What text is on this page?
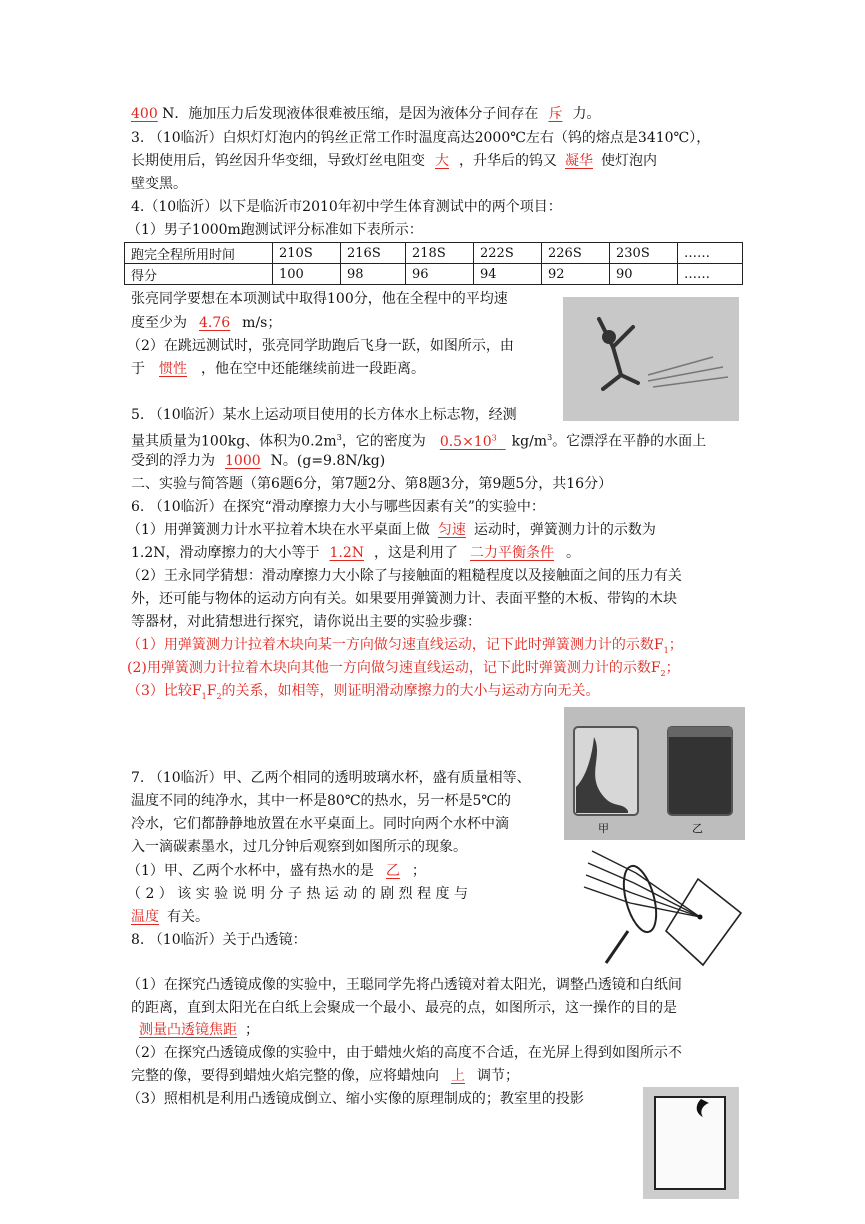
400 N．施加压力后发现液体很难被压缩，是因为液体分子间存在 斥 力。
3. （10临沂）白炽灯灯泡内的钨丝正常工作时温度高达2000℃左右（钨的熔点是3410℃），
长期使用后，钨丝因升华变细，导致灯丝电阻变 大 ，升华后的钨又 凝华 使灯泡内
壁变黑。
4.（10临沂）以下是临沂市2010年初中学生体育测试中的两个项目：
（1）男子1000m跑测试评分标准如下表所示：
跑完全程所用时间	210S	216S	218S	222S	226S	230S	……
得分	100	98	96	94	92	90	……
张亮同学要想在本项测试中取得100分，他在全程中的平均速
度至少为 4.76 m/s；
（2）在跳远测试时，张亮同学助跑后飞身一跃，如图所示，由
于 惯性 ，他在空中还能继续前进一段距离。
5. （10临沂）某水上运动项目使用的长方体水上标志物，经测
量其质量为100kg、体积为$0.2m^3$，它的密度为 $0.5\times 10^3$ $kg/m^3$。它漂浮在平静的水面上
受到的浮力为 1000 N。(g=9.8N/kg)
二、实验与简答题（第6题6分，第7题2分、第8题3分，第9题5分，共16分）
6. （10临沂）在探究“滑动摩擦力大小与哪些因素有关”的实验中：
（1）用弹簧测力计水平拉着木块在水平桌面上做 匀速 运动时，弹簧测力计的示数为
1.2N，滑动摩擦力的大小等于 1.2N ，这是利用了 二力平衡条件 。
（2）王永同学猜想：滑动摩擦力大小除了与接触面的粗糙程度以及接触面之间的压力有关
外，还可能与物体的运动方向有关。如果要用弹簧测力计、表面平整的木板、带钩的木块
等器材，对此猜想进行探究，请你说出主要的实验步骤：
（1）用弹簧测力计拉着木块向某一方向做匀速直线运动，记下此时弹簧测力计的示数$F_1$；
(2)用弹簧测力计拉着木块向其他一方向做匀速直线运动，记下此时弹簧测力计的示数$F_2$；
（3）比较$F_1F_2$的关系，如相等，则证明滑动摩擦力的大小与运动方向无关。
甲	乙
7. （10临沂）甲、乙两个相同的透明玻璃水杯，盛有质量相等、
温度不同的纯净水，其中一杯是80℃的热水，另一杯是5℃的
冷水，它们都静静地放置在水平桌面上。同时向两个水杯中滴
入一滴碳素墨水，过几分钟后观察到如图所示的现象。
（1）甲、乙两个水杯中，盛有热水的是 乙 ；
（ 2 ） 该 实 验 说 明 分 子 热 运 动 的 剧 烈 程 度 与
温度 有关。
8. （10临沂）关于凸透镜：
（1）在探究凸透镜成像的实验中，王聪同学先将凸透镜对着太阳光，调整凸透镜和白纸间
的距离，直到太阳光在白纸上会聚成一个最小、最亮的点，如图所示，这一操作的目的是
测量凸透镜焦距 ；
（2）在探究凸透镜成像的实验中，由于蜡烛火焰的高度不合适，在光屏上得到如图所示不
完整的像，要得到蜡烛火焰完整的像，应将蜡烛向 上 调节；
（3）照相机是利用凸透镜成倒立、缩小实像的原理制成的；教室里的投影
